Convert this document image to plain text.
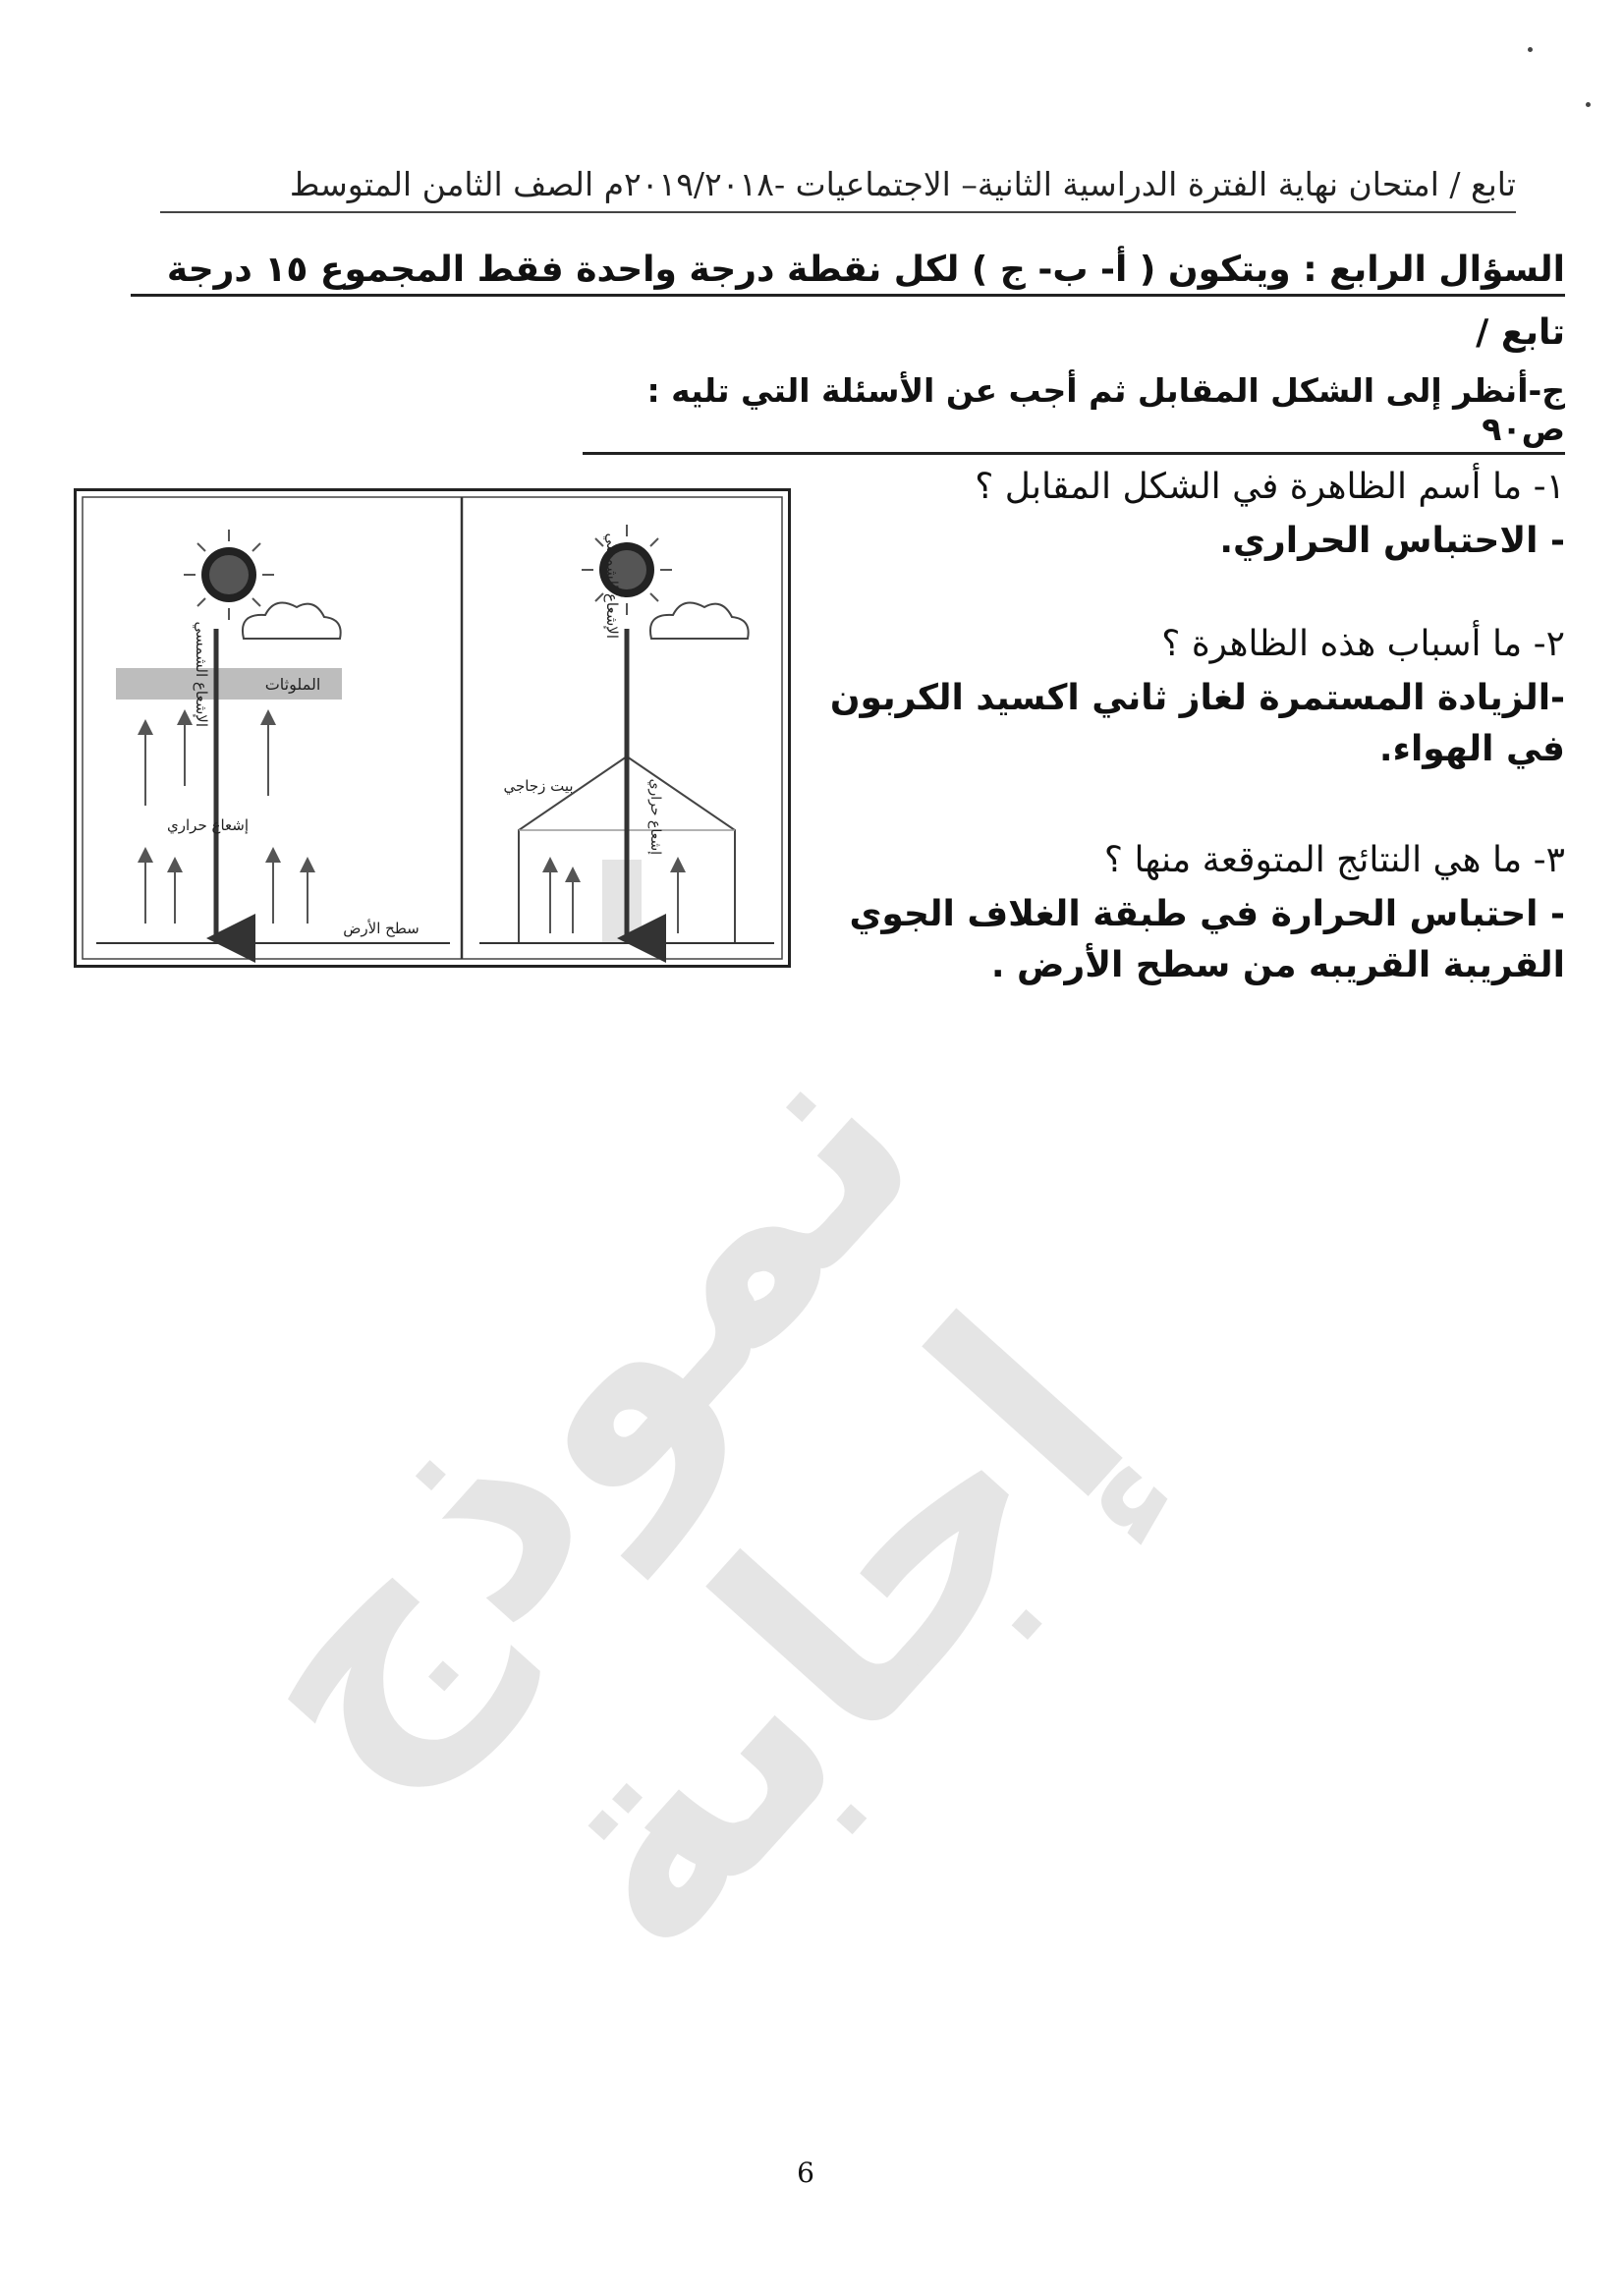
نموذج إجابة
تابع / امتحان نهاية الفترة الدراسية الثانية– الاجتماعيات -٢٠١٩/٢٠١٨م الصف الثامن المتوسط
السؤال الرابع : ويتكون ( أ- ب- ج ) لكل نقطة درجة واحدة فقط المجموع ١٥ درجة
تابع /
ج-أنظر إلى الشكل المقابل ثم أجب عن الأسئلة التي تليه : ص٩٠
١- ما أسم الظاهرة في الشكل المقابل ؟
- الاحتباس الحراري.
٢- ما أسباب هذه الظاهرة ؟
-الزيادة المستمرة لغاز ثاني اكسيد الكربون في الهواء.
٣- ما هي النتائج المتوقعة منها ؟
- احتباس الحرارة في طبقة الغلاف الجوي القريبة القريبه من سطح الأرض .
الملوثات
الإشعاع الشمسي
إشعاع حراري
سطح الأرض
الإشعاع الشمسي
بيت زجاجي	إشعاع حراري
6
